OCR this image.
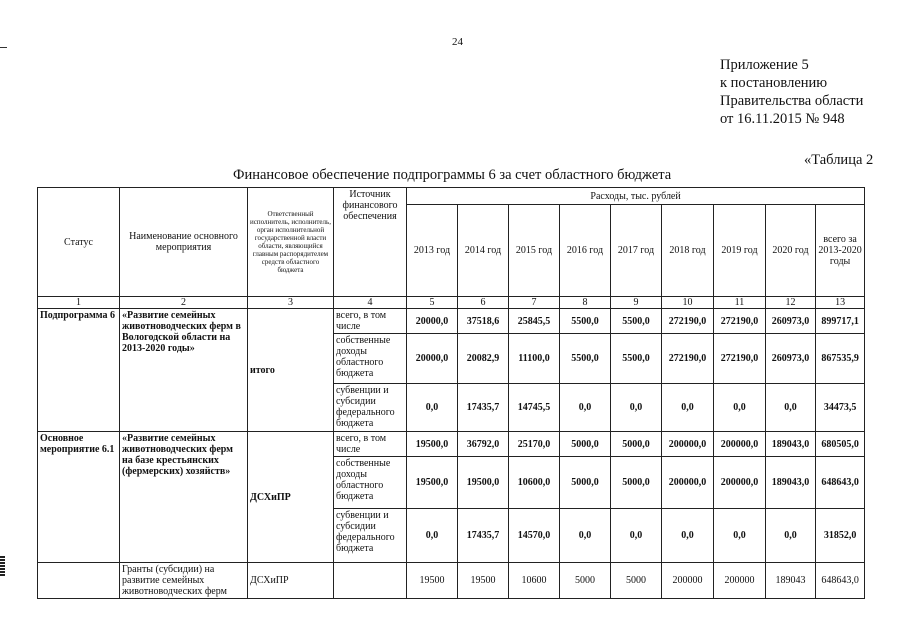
24
Приложение 5
к постановлению
Правительства области
от 16.11.2015 № 948
«Таблица 2
Финансовое обеспечение подпрограммы 6 за счет областного бюджета
Статус	Наименование основного мероприятия	Ответственный исполнитель, исполнитель, орган исполнительной государственной власти области, являющийся главным распорядителем средств областного бюджета	Источник финансового обеспечения	Расходы, тыс. рублей								
				2013 год	2014 год	2015 год	2016 год	2017 год	2018 год	2019 год	2020 год	всего за 2013-2020 годы
1	2	3	4	5	6	7	8	9	10	11	12	13
Подпрограмма 6	«Развитие семейных животноводческих ферм в Вологодской области на 2013-2020 годы»	итого	всего, в том числе	20000,0	37518,6	25845,5	5500,0	5500,0	272190,0	272190,0	260973,0	899717,1
			собственные доходы областного бюджета	20000,0	20082,9	11100,0	5500,0	5500,0	272190,0	272190,0	260973,0	867535,9
			субвенции и субсидии федерального бюджета	0,0	17435,7	14745,5	0,0	0,0	0,0	0,0	0,0	34473,5
Основное мероприятие 6.1	«Развитие семейных животноводческих ферм на базе крестьянских (фермерских) хозяйств»	ДСХиПР	всего, в том числе	19500,0	36792,0	25170,0	5000,0	5000,0	200000,0	200000,0	189043,0	680505,0
			собственные доходы областного бюджета	19500,0	19500,0	10600,0	5000,0	5000,0	200000,0	200000,0	189043,0	648643,0
			субвенции и субсидии федерального бюджета	0,0	17435,7	14570,0	0,0	0,0	0,0	0,0	0,0	31852,0
	Гранты (субсидии) на развитие семейных животноводческих ферм	ДСХиПР		19500	19500	10600	5000	5000	200000	200000	189043	648643,0
